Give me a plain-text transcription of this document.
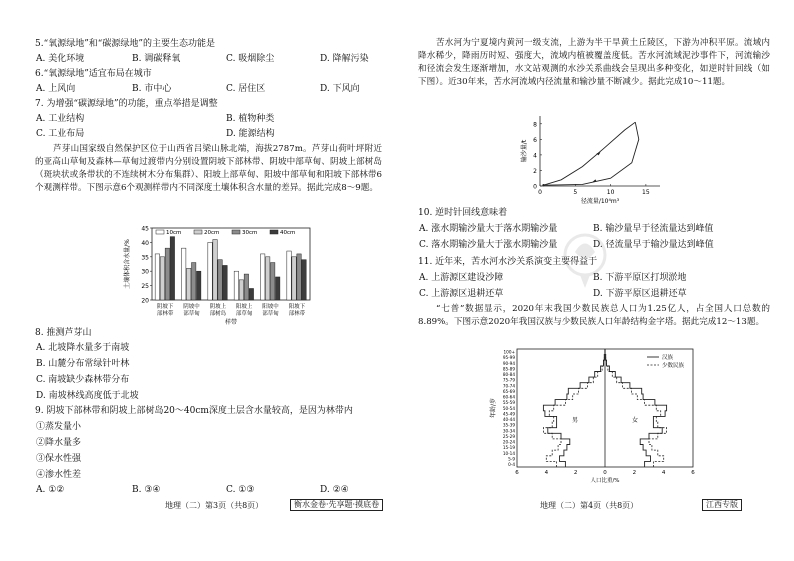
5.“氧源绿地”和“碳源绿地”的主要生态功能是
A. 美化环境	B. 调碳释氧	C. 吸烟除尘	D. 降解污染
6.“氧源绿地”适宜布局在城市
A. 上风向	B. 市中心	C. 居住区	D. 下风向
7. 为增强“碳源绿地”的功能，重点举措是调整
A. 工业结构	B. 植物种类
C. 工业布局	D. 能源结构
芦芽山国家级自然保护区位于山西省吕梁山脉北端，海拔2787m。芦芽山荷叶坪附近的亚高山草甸及森林—草甸过渡带内分别设置阴坡下部林带、阴坡中部草甸、阴坡上部树岛（斑块状或条带状的不连续树木分布集群）、阳坡上部草甸、阳坡中部草甸和阳坡下部林带6个观测样带。下图示意6个观测样带内不同深度土壤体积含水量的差异。据此完成8～9题。
20
25
30
35
40
45
土壤体积含水量/%
阴坡下
部林带
阴坡中
部草甸
阴坡上
部树岛
阳坡上
部草甸
阳坡中
部草甸
阳坡下
部林带
样带
10cm	20cm	30cm	40cm
8. 推测芦芽山
A. 北坡降水量多于南坡
B. 山麓分布常绿针叶林
C. 南坡缺少森林带分布
D. 南坡林线高度低于北坡
9. 阴坡下部林带和阴坡上部树岛20～40cm深度土层含水量较高，是因为林带内
①蒸发量小
②降水量多
③保水性强
④渗水性差
A. ①②	B. ③④	C. ①③	D. ②④
地理（二）第3页（共8页）	衡水金卷·先享题·摸底卷
苦水河为宁夏境内黄河一级支流，上游为半干旱黄土丘陵区，下游为冲积平原。流域内降水稀少，降雨历时短、强度大，流域内植被覆盖度低。苦水河流域泥沙事件下，河流输沙和径流会发生逐渐增加，水文站观测的水沙关系曲线会呈现出多种变化，如逆时针回线（如下图）。近30年来，苦水河流域内径流量和输沙量不断减少。据此完成10～11题。
0
2
4
6
8
0	5	10	15
径流量/10⁴m³
输沙量/t
10. 逆时针回线意味着
A. 涨水期输沙量大于落水期输沙量	B. 输沙量早于径流量达到峰值
C. 落水期输沙量大于涨水期输沙量	D. 径流量早于输沙量达到峰值
11. 近年来，苦水河水沙关系演变主要得益于
A. 上游源区建设沙障	B. 下游平原区打坝淤地
C. 上游源区退耕还草	D. 下游平原区退耕还草
“七普”数据显示，2020年末我国少数民族总人口为1.25亿人，占全国人口总数的8.89%。下图示意2020年我国汉族与少数民族人口年龄结构金字塔。据此完成12～13题。
0-4
5-9
10-14
15-19
20-24
25-29
30-34
35-39
40-44
45-49
50-54
55-59
60-64
65-69
70-74
75-79
80-84
85-89
90-94
95-99
100+
年龄/岁
6	4	2	0	2	4	6
人口比重/%
男	女
汉族
少数民族
地理（二）第4页（共8页）	江西专版
